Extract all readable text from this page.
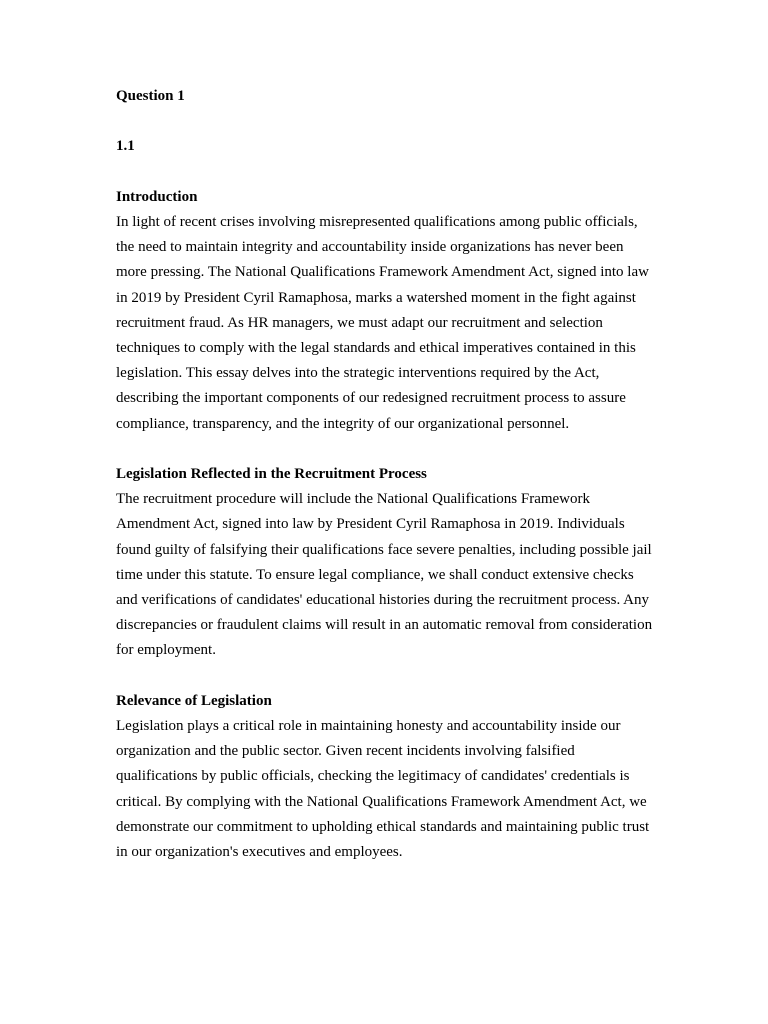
Question 1

1.1

Introduction

In light of recent crises involving misrepresented qualifications among public officials, the need to maintain integrity and accountability inside organizations has never been more pressing. The National Qualifications Framework Amendment Act, signed into law in 2019 by President Cyril Ramaphosa, marks a watershed moment in the fight against recruitment fraud. As HR managers, we must adapt our recruitment and selection techniques to comply with the legal standards and ethical imperatives contained in this legislation. This essay delves into the strategic interventions required by the Act, describing the important components of our redesigned recruitment process to assure compliance, transparency, and the integrity of our organizational personnel.

Legislation Reflected in the Recruitment Process

The recruitment procedure will include the National Qualifications Framework Amendment Act, signed into law by President Cyril Ramaphosa in 2019. Individuals found guilty of falsifying their qualifications face severe penalties, including possible jail time under this statute. To ensure legal compliance, we shall conduct extensive checks and verifications of candidates' educational histories during the recruitment process. Any discrepancies or fraudulent claims will result in an automatic removal from consideration for employment.

Relevance of Legislation

Legislation plays a critical role in maintaining honesty and accountability inside our organization and the public sector. Given recent incidents involving falsified qualifications by public officials, checking the legitimacy of candidates' credentials is critical. By complying with the National Qualifications Framework Amendment Act, we demonstrate our commitment to upholding ethical standards and maintaining public trust in our organization's executives and employees.
